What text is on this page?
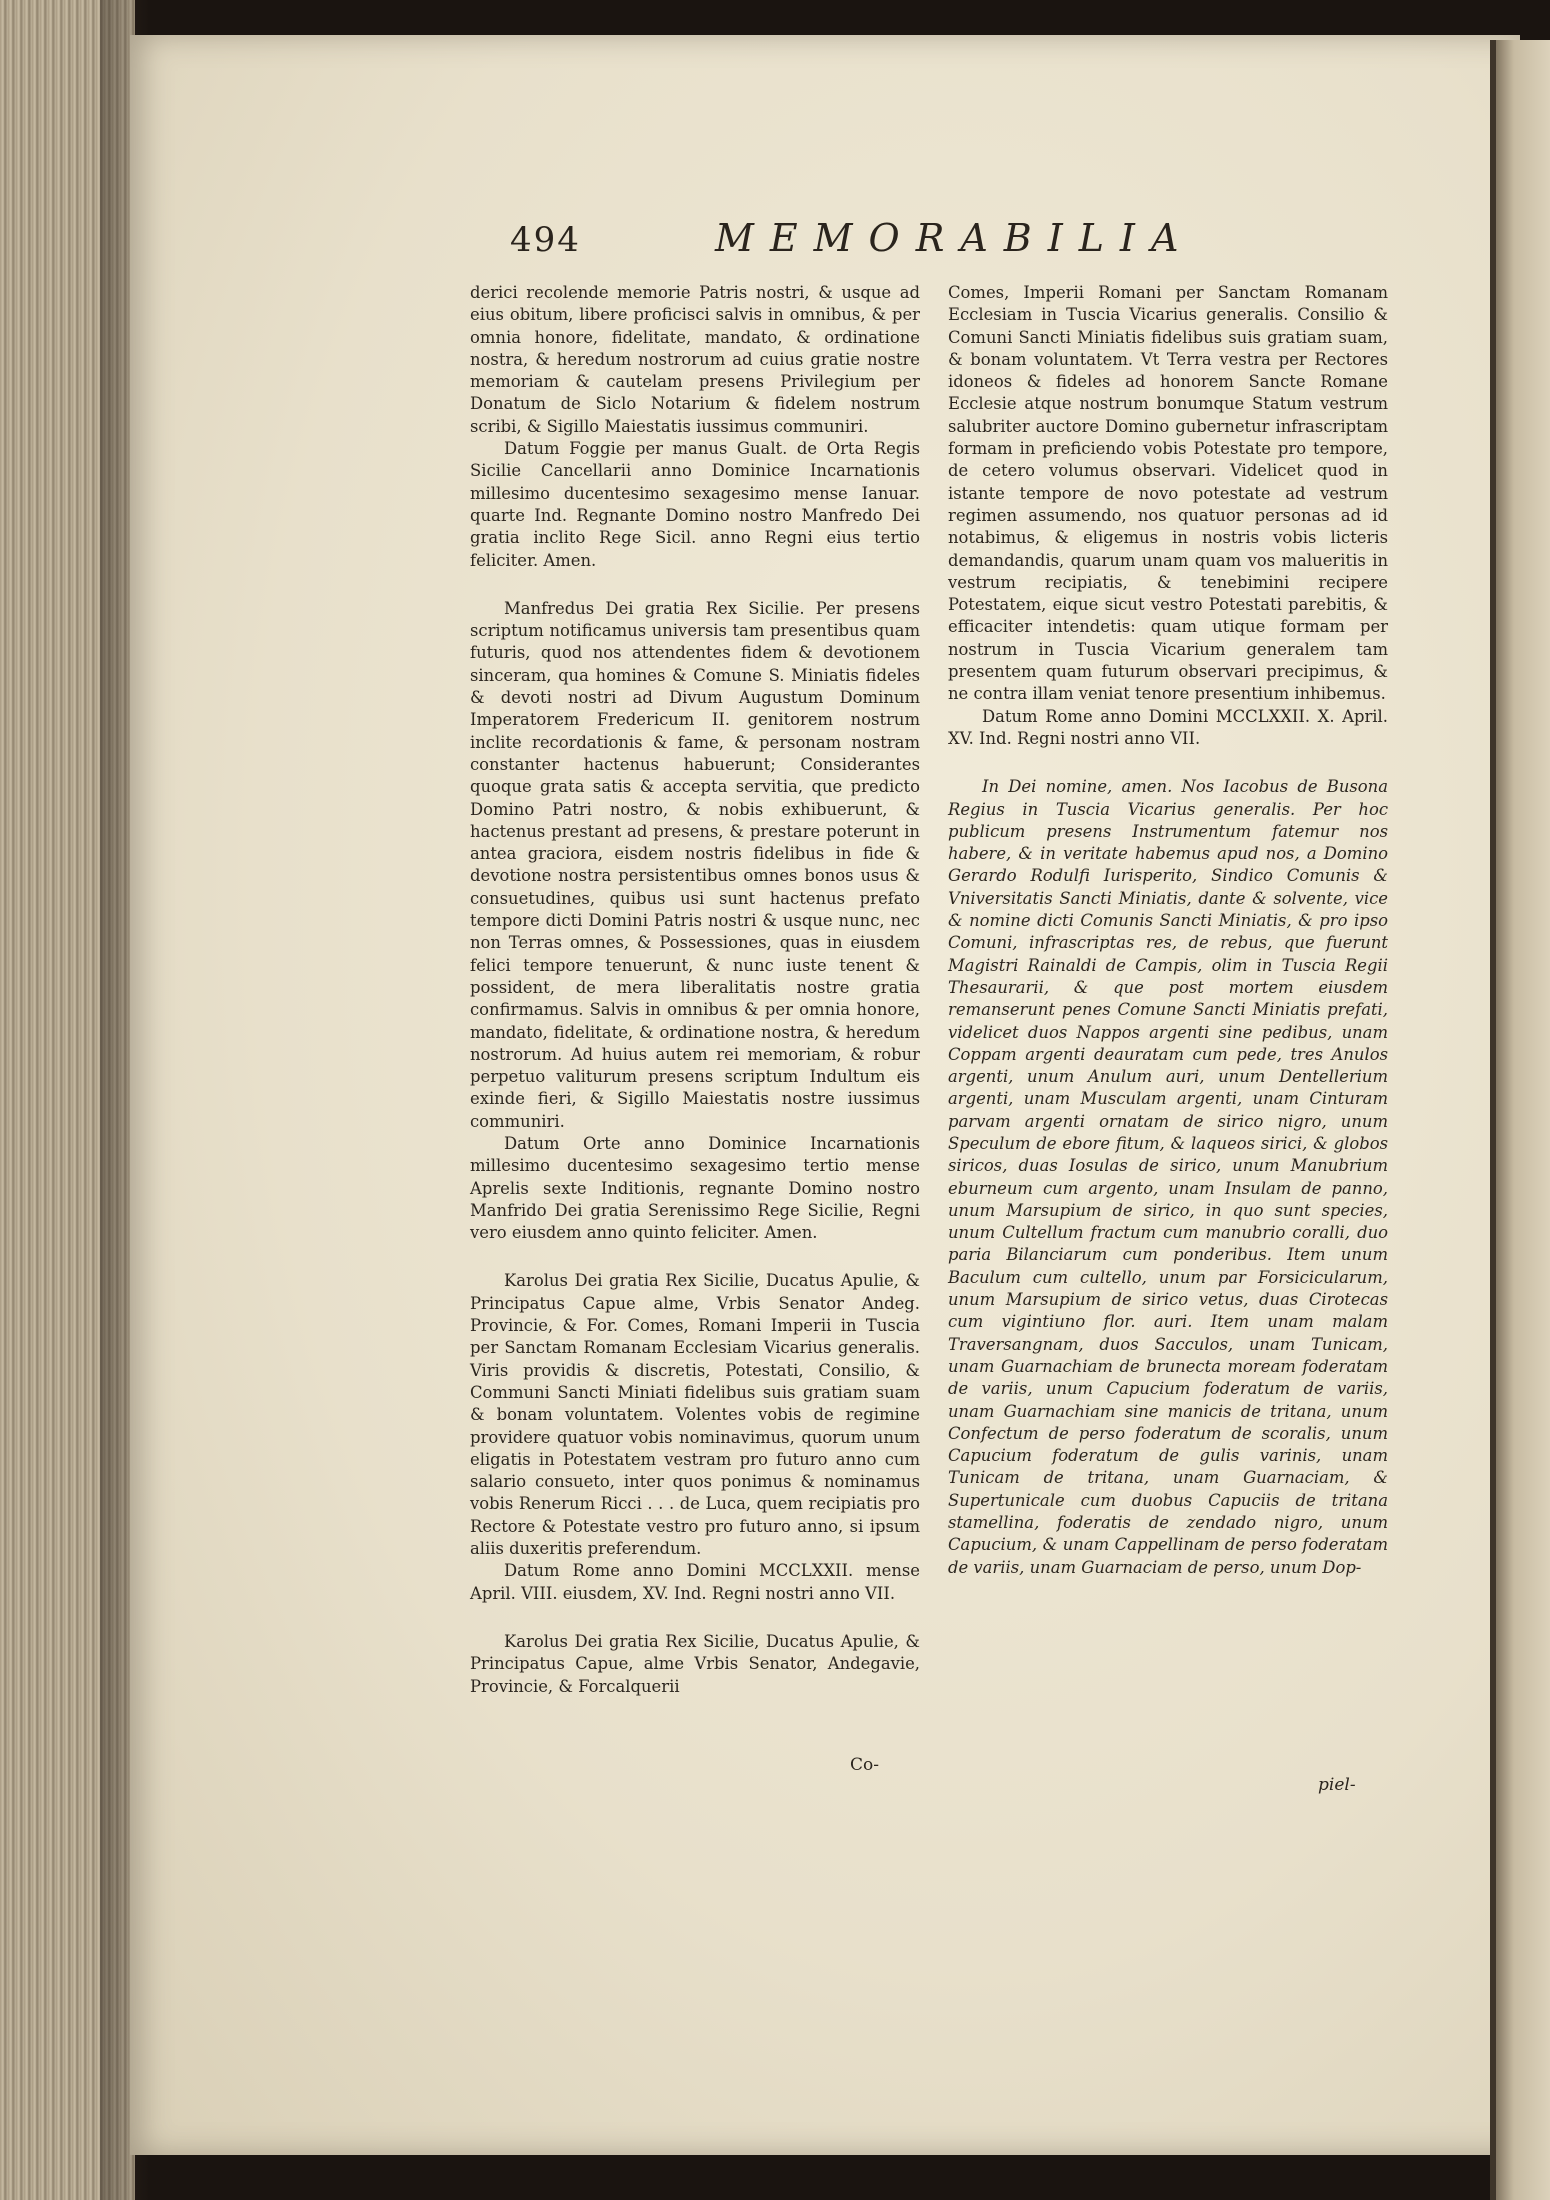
494	MEMORABILIA

derici recolende memorie Patris nostri, & usque ad eius obitum, libere proficisci salvis in omnibus, & per omnia honore, fidelitate, mandato, & ordinatione nostra, & heredum nostrorum ad cuius gratie nostre memoriam & cautelam presens Privilegium per Donatum de Siclo Notarium & fidelem nostrum scribi, & Sigillo Maiestatis iussimus communiri.

Datum Foggie per manus Gualt. de Orta Regis Sicilie Cancellarii anno Dominice Incarnationis millesimo ducentesimo sexagesimo mense Ianuar. quarte Ind. Regnante Domino nostro Manfredo Dei gratia inclito Rege Sicil. anno Regni eius tertio feliciter. Amen.

Manfredus Dei gratia Rex Sicilie. Per presens scriptum notificamus universis tam presentibus quam futuris, quod nos attendentes fidem & devotionem sinceram, qua homines & Comune S. Miniatis fideles & devoti nostri ad Divum Augustum Dominum Imperatorem Fredericum II. genitorem nostrum inclite recordationis & fame, & personam nostram constanter hactenus habuerunt; Considerantes quoque grata satis & accepta servitia, que predicto Domino Patri nostro, & nobis exhibuerunt, & hactenus prestant ad presens, & prestare poterunt in antea graciora, eisdem nostris fidelibus in fide & devotione nostra persistentibus omnes bonos usus & consuetudines, quibus usi sunt hactenus prefato tempore dicti Domini Patris nostri & usque nunc, nec non Terras omnes, & Possessiones, quas in eiusdem felici tempore tenuerunt, & nunc iuste tenent & possident, de mera liberalitatis nostre gratia confirmamus. Salvis in omnibus & per omnia honore, mandato, fidelitate, & ordinatione nostra, & heredum nostrorum. Ad huius autem rei memoriam, & robur perpetuo valiturum presens scriptum Indultum eis exinde fieri, & Sigillo Maiestatis nostre iussimus communiri.

Datum Orte anno Dominice Incarnationis millesimo ducentesimo sexagesimo tertio mense Aprelis sexte Inditionis, regnante Domino nostro Manfrido Dei gratia Serenissimo Rege Sicilie, Regni vero eiusdem anno quinto feliciter. Amen.

Karolus Dei gratia Rex Sicilie, Ducatus Apulie, & Principatus Capue alme, Vrbis Senator Andeg. Provincie, & For. Comes, Romani Imperii in Tuscia per Sanctam Romanam Ecclesiam Vicarius generalis. Viris providis & discretis, Potestati, Consilio, & Communi Sancti Miniati fidelibus suis gratiam suam & bonam voluntatem. Volentes vobis de regimine providere quatuor vobis nominavimus, quorum unum eligatis in Potestatem vestram pro futuro anno cum salario consueto, inter quos ponimus & nominamus vobis Renerum Ricci . . . de Luca, quem recipiatis pro Rectore & Potestate vestro pro futuro anno, si ipsum aliis duxeritis preferendum.

Datum Rome anno Domini MCCLXXII. mense April. VIII. eiusdem, XV. Ind. Regni nostri anno VII.

Karolus Dei gratia Rex Sicilie, Ducatus Apulie, & Principatus Capue, alme Vrbis Senator, Andegavie, Provincie, & Forcalquerii

Co-

Comes, Imperii Romani per Sanctam Romanam Ecclesiam in Tuscia Vicarius generalis. Consilio & Comuni Sancti Miniatis fidelibus suis gratiam suam, & bonam voluntatem. Vt Terra vestra per Rectores idoneos & fideles ad honorem Sancte Romane Ecclesie atque nostrum bonumque Statum vestrum salubriter auctore Domino gubernetur infrascriptam formam in preficiendo vobis Potestate pro tempore, de cetero volumus observari. Videlicet quod in istante tempore de novo potestate ad vestrum regimen assumendo, nos quatuor personas ad id notabimus, & eligemus in nostris vobis licteris demandandis, quarum unam quam vos malueritis in vestrum recipiatis, & tenebimini recipere Potestatem, eique sicut vestro Potestati parebitis, & efficaciter intendetis: quam utique formam per nostrum in Tuscia Vicarium generalem tam presentem quam futurum observari precipimus, & ne contra illam veniat tenore presentium inhibemus.

Datum Rome anno Domini MCCLXXII. X. April. XV. Ind. Regni nostri anno VII.

In Dei nomine, amen. Nos Iacobus de Busona Regius in Tuscia Vicarius generalis. Per hoc publicum presens Instrumentum fatemur nos habere, & in veritate habemus apud nos, a Domino Gerardo Rodulfi Iurisperito, Sindico Comunis & Vniversitatis Sancti Miniatis, dante & solvente, vice & nomine dicti Comunis Sancti Miniatis, & pro ipso Comuni, infrascriptas res, de rebus, que fuerunt Magistri Rainaldi de Campis, olim in Tuscia Regii Thesaurarii, & que post mortem eiusdem remanserunt penes Comune Sancti Miniatis prefati, videlicet duos Nappos argenti sine pedibus, unam Coppam argenti deauratam cum pede, tres Anulos argenti, unum Anulum auri, unum Dentellerium argenti, unam Musculam argenti, unam Cinturam parvam argenti ornatam de sirico nigro, unum Speculum de ebore fitum, & laqueos sirici, & globos siricos, duas Iosulas de sirico, unum Manubrium eburneum cum argento, unam Insulam de panno, unum Marsupium de sirico, in quo sunt species, unum Cultellum fractum cum manubrio coralli, duo paria Bilanciarum cum ponderibus. Item unum Baculum cum cultello, unum par Forsicicularum, unum Marsupium de sirico vetus, duas Cirotecas cum vigintiuno flor. auri. Item unam malam Traversangnam, duos Sacculos, unam Tunicam, unam Guarnachiam de brunecta moream foderatam de variis, unum Capucium foderatum de variis, unam Guarnachiam sine manicis de tritana, unum Confectum de perso foderatum de scoralis, unum Capucium foderatum de gulis varinis, unam Tunicam de tritana, unam Guarnaciam, & Supertunicale cum duobus Capuciis de tritana stamellina, foderatis de zendado nigro, unum Capucium, & unam Cappellinam de perso foderatam de variis, unam Guarnaciam de perso, unum Dop-

piel-
